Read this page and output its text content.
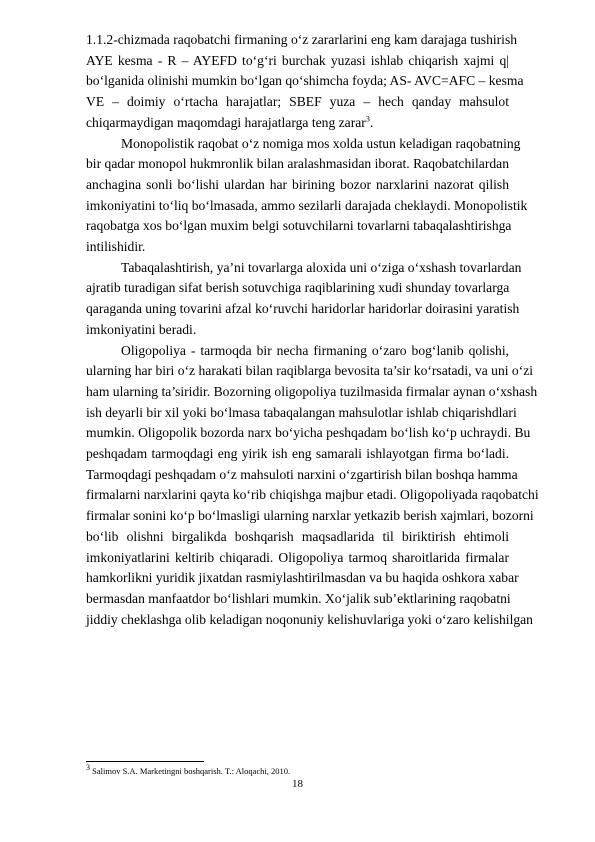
1.1.2-chizmada raqobatchi firmaning o‘z zararlarini eng kam darajaga tushirish
AYE kesma - R – AYEFD to‘g‘ri burchak yuzasi ishlab chiqarish xajmi q|
bo‘lganida olinishi mumkin bo‘lgan qo‘shimcha foyda; AS- AVC=AFC – kesma
VE – doimiy o‘rtacha harajatlar; SBEF yuza – hech qanday mahsulot
chiqarmaydigan maqomdagi harajatlarga teng zarar$^3$.
Monopolistik raqobat o‘z nomiga mos xolda ustun keladigan raqobatning
bir qadar monopol hukmronlik bilan aralashmasidan iborat. Raqobatchilardan
anchagina sonli bo‘lishi ulardan har birining bozor narxlarini nazorat qilish
imkoniyatini to‘liq bo‘lmasada, ammo sezilarli darajada cheklaydi. Monopolistik
raqobatga xos bo‘lgan muxim belgi sotuvchilarni tovarlarni tabaqalashtirishga
intilishidir.
Tabaqalashtirish, ya’ni tovarlarga aloxida uni o‘ziga o‘xshash tovarlardan
ajratib turadigan sifat berish sotuvchiga raqiblarining xudi shunday tovarlarga
qaraganda uning tovarini afzal ko‘ruvchi haridorlar haridorlar doirasini yaratish
imkoniyatini beradi.
Oligopoliya - tarmoqda bir necha firmaning o‘zaro bog‘lanib qolishi,
ularning har biri o‘z harakati bilan raqiblarga bevosita ta’sir ko‘rsatadi, va uni o‘zi
ham ularning ta’siridir. Bozorning oligopoliya tuzilmasida firmalar aynan o‘xshash
ish deyarli bir xil yoki bo‘lmasa tabaqalangan mahsulotlar ishlab chiqarishdlari
mumkin. Oligopolik bozorda narx bo‘yicha peshqadam bo‘lish ko‘p uchraydi. Bu
peshqadam tarmoqdagi eng yirik ish eng samarali ishlayotgan firma bo‘ladi.
Tarmoqdagi peshqadam o‘z mahsuloti narxini o‘zgartirish bilan boshqa hamma
firmalarni narxlarini qayta ko‘rib chiqishga majbur etadi. Oligopoliyada raqobatchi
firmalar sonini ko‘p bo‘lmasligi ularning narxlar yetkazib berish xajmlari, bozorni
bo‘lib olishni birgalikda boshqarish maqsadlarida til biriktirish ehtimoli
imkoniyatlarini keltirib chiqaradi. Oligopoliya tarmoq sharoitlarida firmalar
hamkorlikni yuridik jixatdan rasmiylashtirilmasdan va bu haqida oshkora xabar
bermasdan manfaatdor bo‘lishlari mumkin. Xo‘jalik sub’ektlarining raqobatni
jiddiy cheklashga olib keladigan noqonuniy kelishuvlariga yoki o‘zaro kelishilgan
$^3$ Salimov S.A. Marketingni boshqarish. T.: Aloqachi, 2010.
18
